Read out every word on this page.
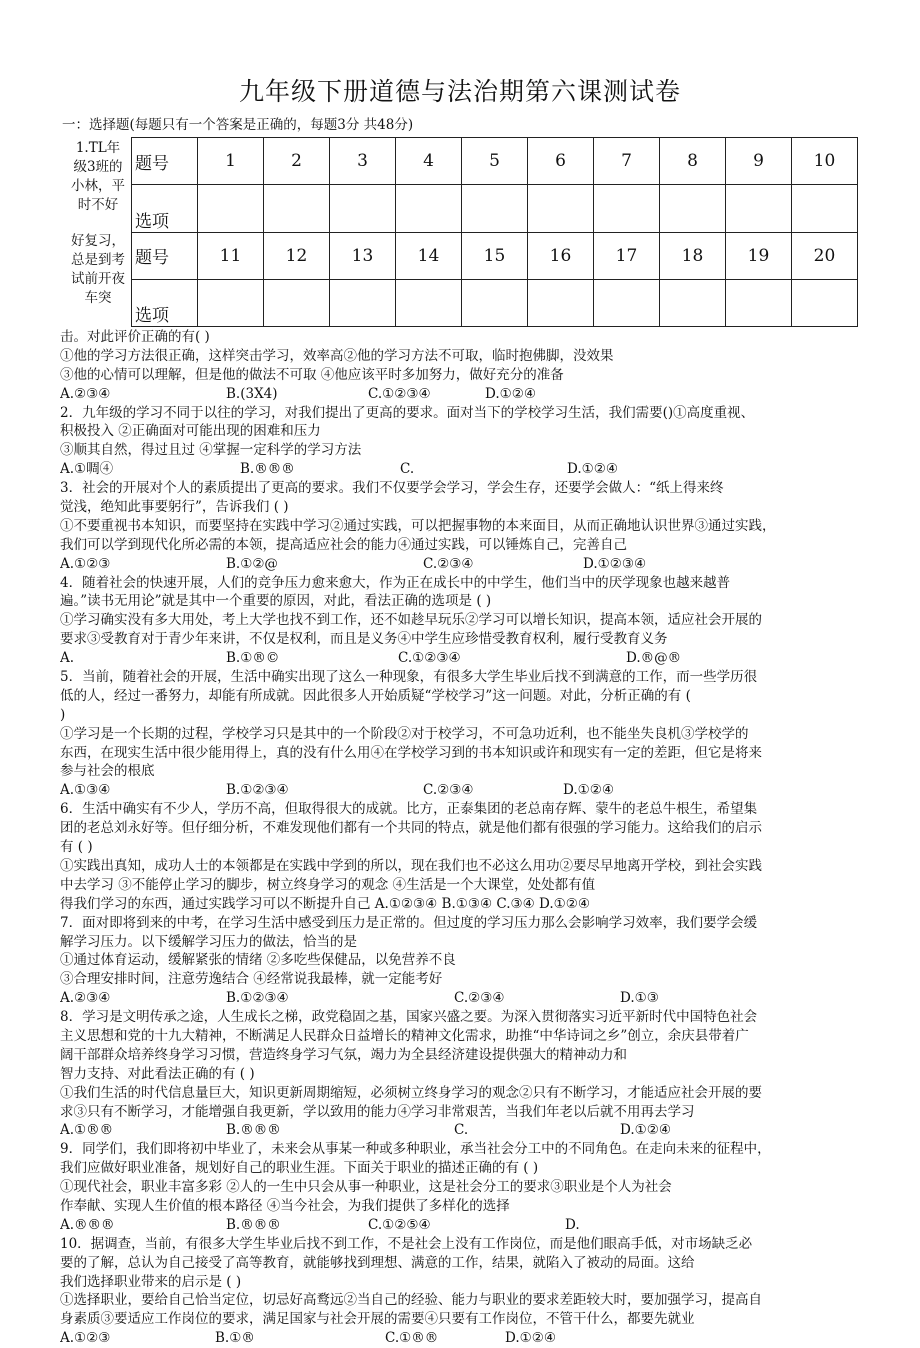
九年级下册道德与法治期第六课测试卷
一：选择题(每题只有一个答案是正确的，每题3分 共48分)
1.TL年
级3班的
小林，平
时不好
好复习，
总是到考
试前开夜
车突
题号	1	2	3	4	5	6	7	8	9	10
选项										
题号	11	12	13	14	15	16	17	18	19	20
选项										
击。对此评价正确的有( )
①他的学习方法很正确，这样突击学习，效率高②他的学习方法不可取，临时抱佛脚，没效果
③他的心情可以理解，但是他的做法不可取 ④他应该平时多加努力，做好充分的准备
A.②③④	B.(3X4)	C.①②③④	D.①②④
2．九年级的学习不同于以往的学习，对我们提出了更高的要求。面对当下的学校学习生活，我们需要()①高度重视、
积极投入 ②正确面对可能出现的困难和压力
③顺其自然，得过且过 ④掌握一定科学的学习方法
A.①啁④	B.®®®	C.	D.①②④
3．社会的开展对个人的素质提出了更高的要求。我们不仅要学会学习，学会生存，还要学会做人：“纸上得来终
觉浅，绝知此事要躬行”，告诉我们 ( )
①不要重视书本知识，而要坚持在实践中学习②通过实践，可以把握事物的本来面目，从而正确地认识世界③通过实践，
我们可以学到现代化所必需的本领，提高适应社会的能力④通过实践，可以锤炼自己，完善自己
A.①②③	B.①②@	C.②③④	D.①②③④
4．随着社会的快速开展，人们的竞争压力愈来愈大，作为正在成长中的中学生，他们当中的厌学现象也越来越普
遍。”读书无用论”就是其中一个重要的原因，对此，看法正确的选项是 ( )
①学习确实没有多大用处，考上大学也找不到工作，还不如趁早玩乐②学习可以增长知识，提高本领，适应社会开展的
要求③受教育对于青少年来讲，不仅是权利，而且是义务④中学生应珍惜受教育权利，履行受教育义务
A.	B.①®©	C.①②③④	D.®@®
5．当前，随着社会的开展，生活中确实出现了这么一种现象，有很多大学生毕业后找不到满意的工作，而一些学历很
低的人，经过一番努力，却能有所成就。因此很多人开始质疑“学校学习”这一问题。对此，分析正确的有 (
)
①学习是一个长期的过程，学校学习只是其中的一个阶段②对于校学习，不可急功近利，也不能坐失良机③学校学的
东西，在现实生活中很少能用得上，真的没有什么用④在学校学习到的书本知识或许和现实有一定的差距，但它是将来
参与社会的根底
A.①③④	B.①②③④	C.②③④	D.①②④
6．生活中确实有不少人，学历不高，但取得很大的成就。比方，正泰集团的老总南存辉、蒙牛的老总牛根生，希望集
团的老总刘永好等。但仔细分析，不难发现他们都有一个共同的特点，就是他们都有很强的学习能力。这给我们的启示
有 ( )
①实践出真知，成功人士的本领都是在实践中学到的所以，现在我们也不必这么用功②要尽早地离开学校，到社会实践
中去学习 ③不能停止学习的脚步，树立终身学习的观念 ④生活是一个大课堂，处处都有值
得我们学习的东西，通过实践学习可以不断提升自己 A.①②③④ B.①③④ C.③④ D.①②④
7．面对即将到来的中考，在学习生活中感受到压力是正常的。但过度的学习压力那么会影响学习效率，我们要学会缓
解学习压力。以下缓解学习压力的做法，恰当的是
①通过体育运动，缓解紧张的情绪 ②多吃些保健品，以免营养不良
③合理安排时间，注意劳逸结合 ④经常说我最棒，就一定能考好
A.②③④	B.①②③④	C.②③④	D.①③
8．学习是文明传承之途，人生成长之梯，政党稳固之基，国家兴盛之要。为深入贯彻落实习近平新时代中国特色社会
主义思想和党的十九大精神，不断满足人民群众日益增长的精神文化需求，助推“中华诗词之乡”创立，余庆县带着广
阔干部群众培养终身学习习惯，营造终身学习气氛，竭力为全县经济建设提供强大的精神动力和
智力支持、对此看法正确的有 ( )
①我们生活的时代信息量巨大，知识更新周期缩短，必须树立终身学习的观念②只有不断学习，才能适应社会开展的要
求③只有不断学习，才能增强自我更新，学以致用的能力④学习非常艰苦，当我们年老以后就不用再去学习
A.①®®	B.®®®	C.	D.①②④
9．同学们，我们即将初中毕业了，未来会从事某一种或多种职业，承当社会分工中的不同角色。在走向未来的征程中，
我们应做好职业准备，规划好自己的职业生涯。下面关于职业的描述正确的有 ( )
①现代社会，职业丰富多彩 ②人的一生中只会从事一种职业，这是社会分工的要求③职业是个人为社会
作奉献、实现人生价值的根本路径 ④当今社会，为我们提供了多样化的选择
A.®®®	B.®®®	C.①②⑤④	D.
10．据调查，当前，有很多大学生毕业后找不到工作，不是社会上没有工作岗位，而是他们眼高手低，对市场缺乏必
要的了解，总认为自己接受了高等教育，就能够找到理想、满意的工作，结果，就陷入了被动的局面。这给
我们选择职业带来的启示是 ( )
①选择职业，要给自己恰当定位，切忌好高鹜远②当自己的经验、能力与职业的要求差距较大时，要加强学习，提高自
身素质③要适应工作岗位的要求，满足国家与社会开展的需要④只要有工作岗位，不管干什么，都要先就业
A.①②③	B.①®	C.①®®	D.①②④
